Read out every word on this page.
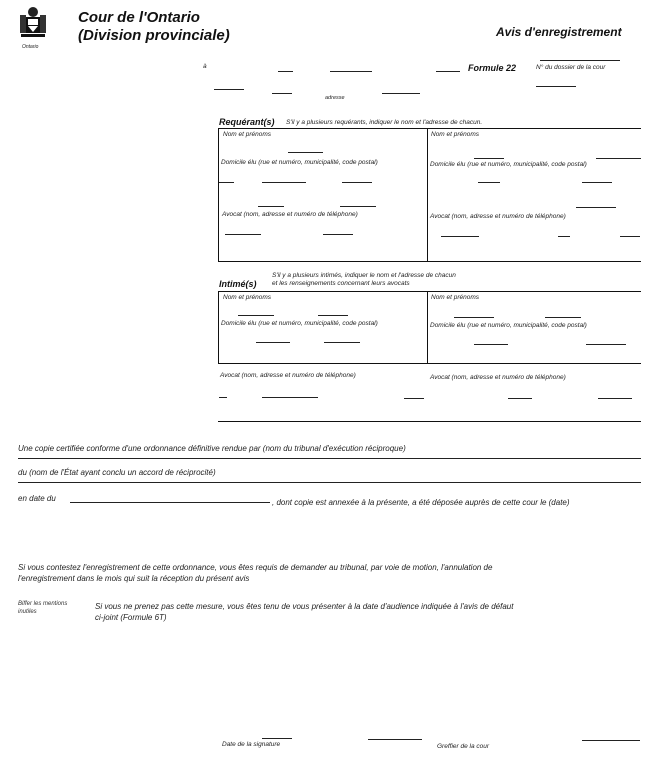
Ontario
Cour de l'Ontario
(Division provinciale)	Avis d'enregistrement
à	Formule 22	N° du dossier de la cour
adresse
Requérant(s) S'il y a plusieurs requérants, indiquer le nom et l'adresse de chacun.
Nom et prénoms	Nom et prénoms
Domicile élu (rue et numéro, municipalité, code postal)	Domicile élu (rue et numéro, municipalité, code postal)
Avocat (nom, adresse et numéro de téléphone)	Avocat (nom, adresse et numéro de téléphone)
Intimé(s)
S'il y a plusieurs intimés, indiquer le nom et l'adresse de chacun
et les renseignements concernant leurs avocats
Nom et prénoms	Nom et prénoms
Domicile élu (rue et numéro, municipalité, code postal)	Domicile élu (rue et numéro, municipalité, code postal)
Avocat (nom, adresse et numéro de téléphone)	Avocat (nom, adresse et numéro de téléphone)
Une copie certifiée conforme d'une ordonnance définitive rendue par (nom du tribunal d'exécution réciproque)
du (nom de l'État ayant conclu un accord de réciprocité)
en date du	, dont copie est annexée à la présente, a été déposée auprès de cette cour le (date)
Si vous contestez l'enregistrement de cette ordonnance, vous êtes requis de demander au tribunal, par voie de motion, l'annulation de
l'enregistrement dans le mois qui suit la réception du présent avis
Biffer les mentions inutiles
Si vous ne prenez pas cette mesure, vous êtes tenu de vous présenter à la date d'audience indiquée à l'avis de défaut
ci-joint (Formule 6T)
Date de la signature	Greffier de la cour
